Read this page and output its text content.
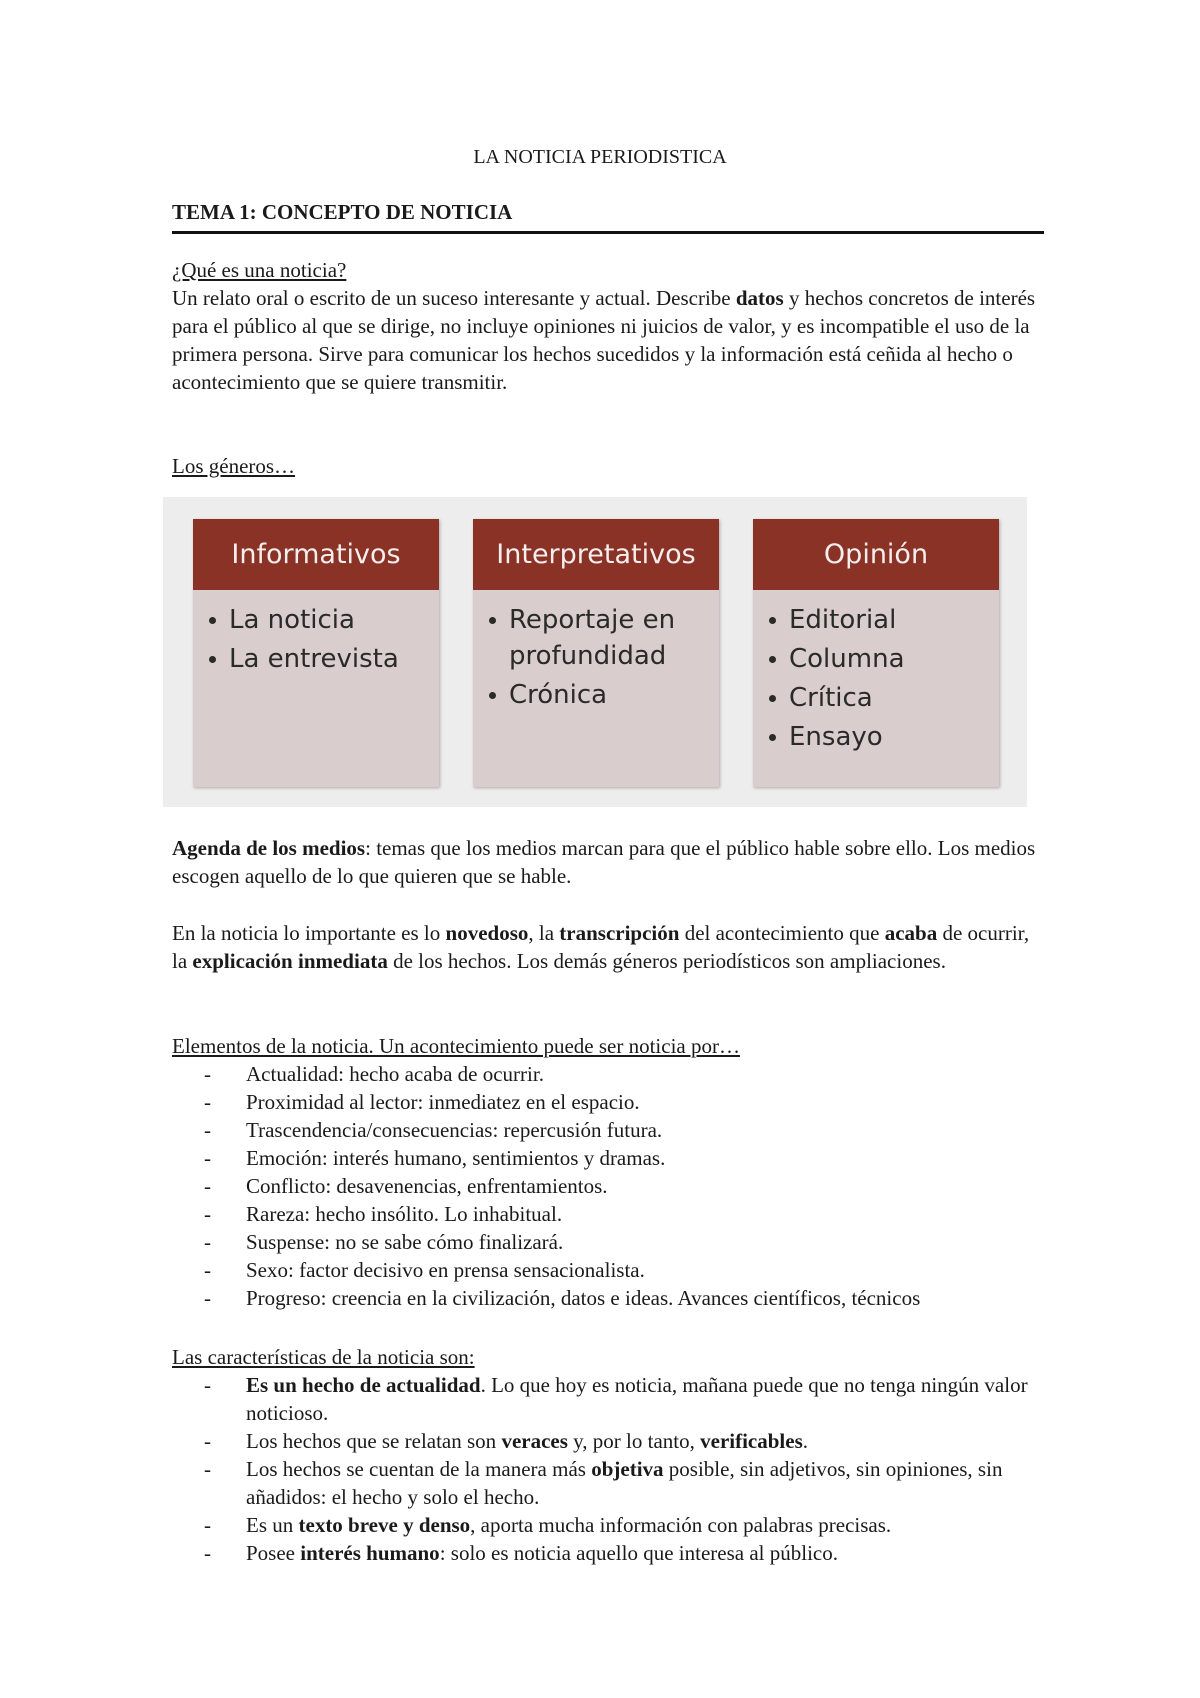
LA NOTICIA PERIODISTICA
TEMA 1: CONCEPTO DE NOTICIA

¿Qué es una noticia?

Un relato oral o escrito de un suceso interesante y actual. Describe datos y hechos concretos de interés para el público al que se dirige, no incluye opiniones ni juicios de valor, y es incompatible el uso de la primera persona. Sirve para comunicar los hechos sucedidos y la información está ceñida al hecho o acontecimiento que se quiere transmitir.

Los géneros…

Informativos
La noticia
La entrevista
Interpretativos
Reportaje en profundidad
Crónica
Opinión
Editorial
Columna
Crítica
Ensayo

Agenda de los medios: temas que los medios marcan para que el público hable sobre ello. Los medios escogen aquello de lo que quieren que se hable.

En la noticia lo importante es lo novedoso, la transcripción del acontecimiento que acaba de ocurrir, la explicación inmediata de los hechos. Los demás géneros periodísticos son ampliaciones.

Elementos de la noticia. Un acontecimiento puede ser noticia por…

- Actualidad: hecho acaba de ocurrir.
- Proximidad al lector: inmediatez en el espacio.
- Trascendencia/consecuencias: repercusión futura.
- Emoción: interés humano, sentimientos y dramas.
- Conflicto: desavenencias, enfrentamientos.
- Rareza: hecho insólito. Lo inhabitual.
- Suspense: no se sabe cómo finalizará.
- Sexo: factor decisivo en prensa sensacionalista.
- Progreso: creencia en la civilización, datos e ideas. Avances científicos, técnicos

Las características de la noticia son:

- Es un hecho de actualidad. Lo que hoy es noticia, mañana puede que no tenga ningún valor noticioso.
- Los hechos que se relatan son veraces y, por lo tanto, verificables.
- Los hechos se cuentan de la manera más objetiva posible, sin adjetivos, sin opiniones, sin añadidos: el hecho y solo el hecho.
- Es un texto breve y denso, aporta mucha información con palabras precisas.
- Posee interés humano: solo es noticia aquello que interesa al público.
